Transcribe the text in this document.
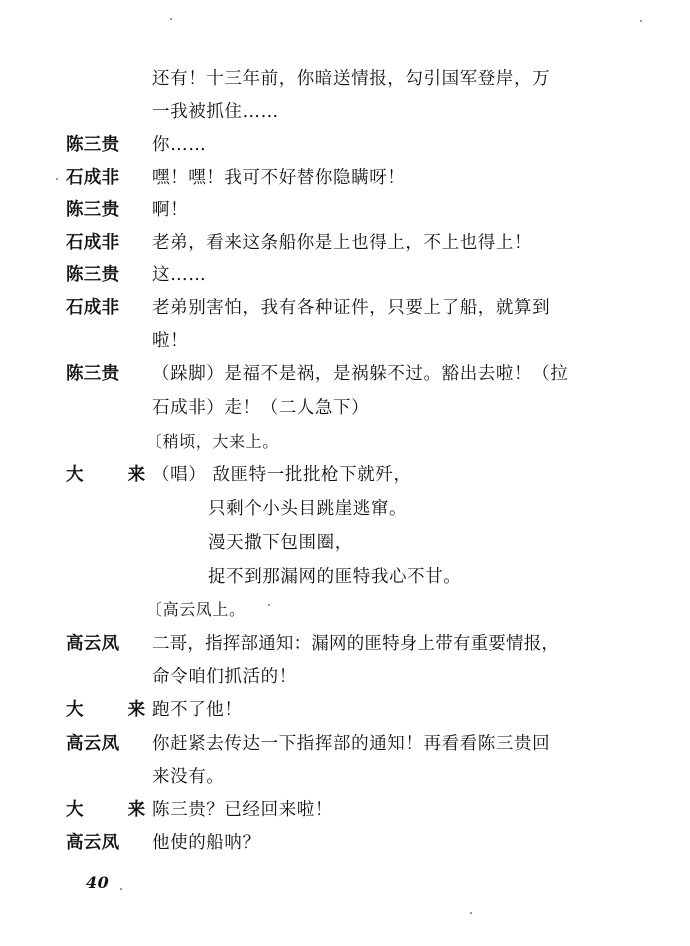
还有！十三年前，你暗送情报，勾引国军登岸，万
一我被抓住……
陈三贵 你……
石成非 嘿！嘿！我可不好替你隐瞒呀！
陈三贵 啊！
石成非 老弟，看来这条船你是上也得上，不上也得上！
陈三贵 这……
石成非 老弟别害怕，我有各种证件，只要上了船，就算到
啦！
陈三贵 （跺脚）是福不是祸，是祸躲不过。豁出去啦！（拉
石成非）走！（二人急下）
〔稍顷，大来上。
大 来
（唱） 敌匪特一批批枪下就歼，
只剩个小头目跳崖逃窜。
漫天撒下包围圈，
捉不到那漏网的匪特我心不甘。
〔高云凤上。
高云凤 二哥，指挥部通知：漏网的匪特身上带有重要情报，
命令咱们抓活的！
大 来
跑不了他！
高云凤 你赶紧去传达一下指挥部的通知！再看看陈三贵回
来没有。
大 来
陈三贵？已经回来啦！
高云凤 他使的船呐？
40
